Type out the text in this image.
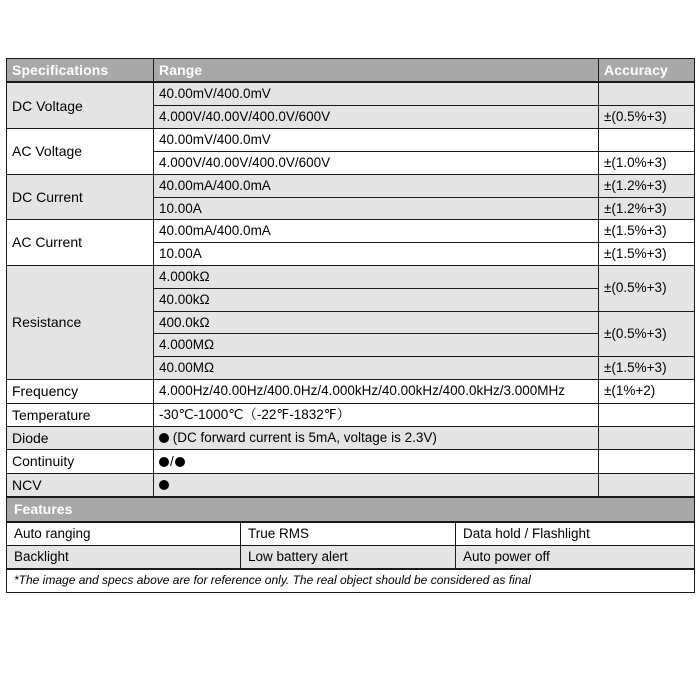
Specifications	Range	Accuracy
DC Voltage	40.00mV/400.0mV	
	4.000V/40.00V/400.0V/600V	±(0.5%+3)
AC Voltage	40.00mV/400.0mV	
	4.000V/40.00V/400.0V/600V	±(1.0%+3)
DC Current	40.00mA/400.0mA	±(1.2%+3)
	10.00A	±(1.2%+3)
AC Current	40.00mA/400.0mA	±(1.5%+3)
	10.00A	±(1.5%+3)
Resistance	4.000kΩ	±(0.5%+3)
	40.00kΩ	
	400.0kΩ	±(0.5%+3)
	4.000MΩ	
	40.00MΩ	±(1.5%+3)
Frequency	4.000Hz/40.00Hz/400.0Hz/4.000kHz/40.00kHz/400.0kHz/3.000MHz	±(1%+2)
Temperature	-30℃-1000℃（-22℉-1832℉）	
Diode	(DC forward current is 5mA, voltage is 2.3V)	
Continuity	/	
NCV		
Features
Auto ranging	True RMS	Data hold / Flashlight
Backlight	Low battery alert	Auto power off
*The image and specs above are for reference only. The real object should be considered as final
